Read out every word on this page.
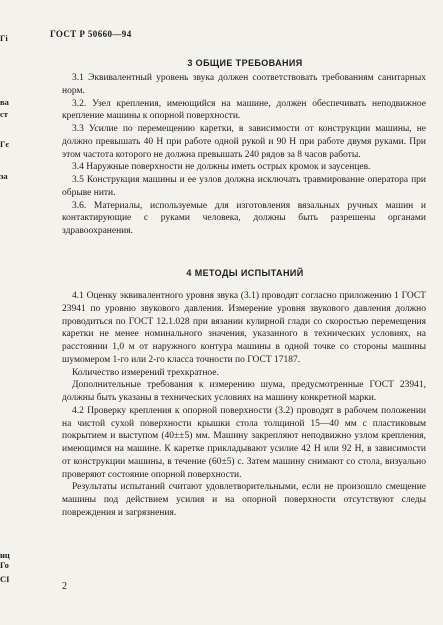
ГОСТ Р 50660—94
Гі
ва
ст
Гє
за
нц
Го
СІ
3 ОБЩИЕ ТРЕБОВАНИЯ

3.1 Эквивалентный уровень звука должен соответствовать требованиям санитарных норм.

3.2. Узел крепления, имеющийся на машине, должен обеспечивать неподвижное крепление машины к опорной поверхности.

3.3 Усилие по перемещению каретки, в зависимости от конструкции машины, не должно превышать 40 Н при работе одной рукой и 90 Н при работе двумя руками. При этом частота которого не должна превышать 240 рядов за 8 часов работы.

3.4 Наружные поверхности не должны иметь острых кромок и заусенцев.

3.5 Конструкция машины и ее узлов должна исключать травмирование оператора при обрыве нити.

3.6. Материалы, используемые для изготовления вязальных ручных машин и контактирующие с руками человека, должны быть разрешены органами здравоохранения.

4 МЕТОДЫ ИСПЫТАНИЙ

4.1 Оценку эквивалентного уровня звука (3.1) проводят согласно приложению 1 ГОСТ 23941 по уровню звукового давления. Измерение уровня звукового давления должно проводиться по ГОСТ 12.1.028 при вязании кулирной глади со скоростью перемещения каретки не менее номинального значения, указанного в технических условиях, на расстоянии 1,0 м от наружного контура машины в одной точке со стороны машины шумомером 1-го или 2-го класса точности по ГОСТ 17187.

Количество измерений трехкратное.

Дополнительные требования к измерению шума, предусмотренные ГОСТ 23941, должны быть указаны в технических условиях на машину конкретной марки.

4.2 Проверку крепления к опорной поверхности (3.2) проводят в рабочем положении на чистой сухой поверхности крышки стола толщиной 15—40 мм с пластиковым покрытием и выступом (40±±5) мм. Машину закрепляют неподвижно узлом крепления, имеющимся на машине. К каретке прикладывают усилие 42 Н или 92 Н, в зависимости от конструкции машины, в течение (60±5) с. Затем машину снимают со стола, визуально проверяют состояние опорной поверхности.

Результаты испытаний считают удовлетворительными, если не произошло смещение машины под действием усилия и на опорной поверхности отсутствуют следы повреждения и загрязнения.

2
